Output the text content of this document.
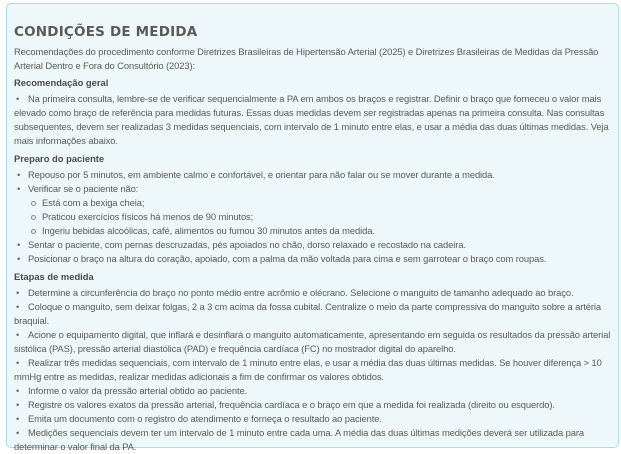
CONDIÇÕES DE MEDIDA
Recomendações do procedimento conforme Diretrizes Brasileiras de Hipertensão Arterial (2025) e Diretrizes Brasileiras de Medidas da Pressão Arterial Dentro e Fora do Consultório (2023):
Recomendação geral
• Na primeira consulta, lembre-se de verificar sequencialmente a PA em ambos os braços e registrar. Definir o braço que forneceu o valor mais elevado como braço de referência para medidas futuras. Essas duas medidas devem ser registradas apenas na primeira consulta. Nas consultas subsequentes, devem ser realizadas 3 medidas sequenciais, com intervalo de 1 minuto entre elas, e usar a média das duas últimas medidas. Veja mais informações abaixo.
Preparo do paciente
• Repouso por 5 minutos, em ambiente calmo e confortável, e orientar para não falar ou se mover durante a medida.
• Verificar se o paciente não:
Está com a bexiga cheia;
Praticou exercícios físicos há menos de 90 minutos;
Ingeriu bebidas alcoólicas, café, alimentos ou fumou 30 minutos antes da medida.
• Sentar o paciente, com pernas descruzadas, pés apoiados no chão, dorso relaxado e recostado na cadeira.
• Posicionar o braço na altura do coração, apoiado, com a palma da mão voltada para cima e sem garrotear o braço com roupas.
Etapas de medida
• Determine a circunferência do braço no ponto médio entre acrômio e olécrano. Selecione o manguito de tamanho adequado ao braço.
• Coloque o manguito, sem deixar folgas, 2 a 3 cm acima da fossa cubital. Centralize o meio da parte compressiva do manguito sobre a artéria braquial.
• Acione o equipamento digital, que inflará e desinflará o manguito automaticamente, apresentando em seguida os resultados da pressão arterial sistólica (PAS), pressão arterial diastólica (PAD) e frequência cardíaca (FC) no mostrador digital do aparelho.
• Realizar três medidas sequenciais, com intervalo de 1 minuto entre elas, e usar a média das duas últimas medidas. Se houver diferença > 10 mmHg entre as medidas, realizar medidas adicionais a fim de confirmar os valores obtidos.
• Informe o valor da pressão arterial obtido ao paciente.
• Registre os valores exatos da pressão arterial, frequência cardíaca e o braço em que a medida foi realizada (direito ou esquerdo).
• Emita um documento com o registro do atendimento e forneça o resultado ao paciente.
• Medições sequenciais devem ter um intervalo de 1 minuto entre cada uma. A média das duas últimas medições deverá ser utilizada para determinar o valor final da PA.
